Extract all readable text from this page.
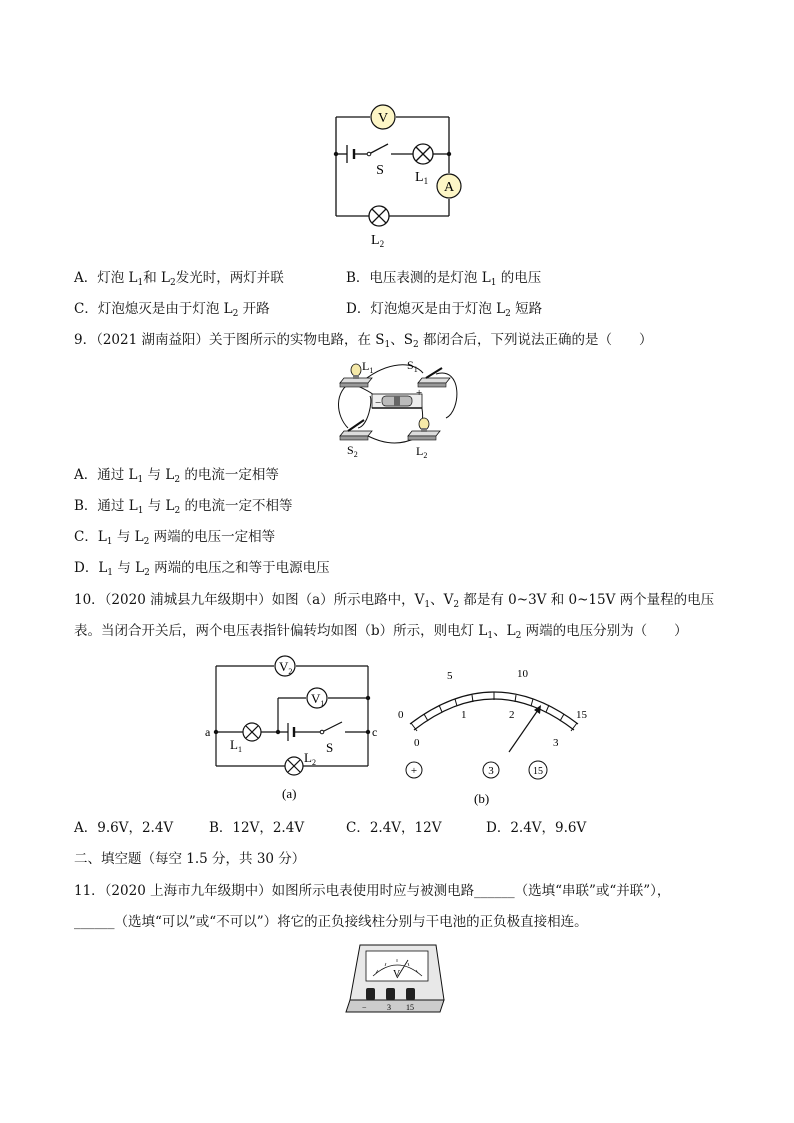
V
A
S $L_1$
$L_2$
A．灯泡 $L_1$和 $L_2$发光时，两灯并联	B．电压表测的是灯泡 $L_1$ 的电压
C．灯泡熄灭是由于灯泡 $L_2$ 开路	D．灯泡熄灭是由于灯泡 $L_2$ 短路
9．（2021 湖南益阳）关于图所示的实物电路，在 $S_1$、$S_2$ 都闭合后，下列说法正确的是（　　）
−
+
$L_1$	$S_1$
$S_2$	$L_2$
A．通过 $L_1$ 与 $L_2$ 的电流一定相等
B．通过 $L_1$ 与 $L_2$ 的电流一定不相等
C．$L_1$ 与 $L_2$ 两端的电压一定相等
D．$L_1$ 与 $L_2$ 两端的电压之和等于电源电压
10．（2020 浦城县九年级期中）如图（a）所示电路中，$V_1$、$V_2$ 都是有 0~3V 和 0~15V 两个量程的电压
表。当闭合开关后，两个电压表指针偏转均如图（b）所示，则电灯 $L_1$、$L_2$ 两端的电压分别为（　　）
$V_2$
$V_1$
a	c
$L_1$
$L_2$
S
(a)
0
5	10
15
0
1	2
3
+	3	15
(b)
A．9.6V，2.4V	B．12V，2.4V	C．2.4V，12V	D．2.4V，9.6V
二、填空题（每空 1.5 分，共 30 分）
11．（2020 上海市九年级期中）如图所示电表使用时应与被测电路______（选填“串联”或“并联”），
______（选填“可以”或“不可以”）将它的正负接线柱分别与干电池的正负极直接相连。
V
−	3 15
